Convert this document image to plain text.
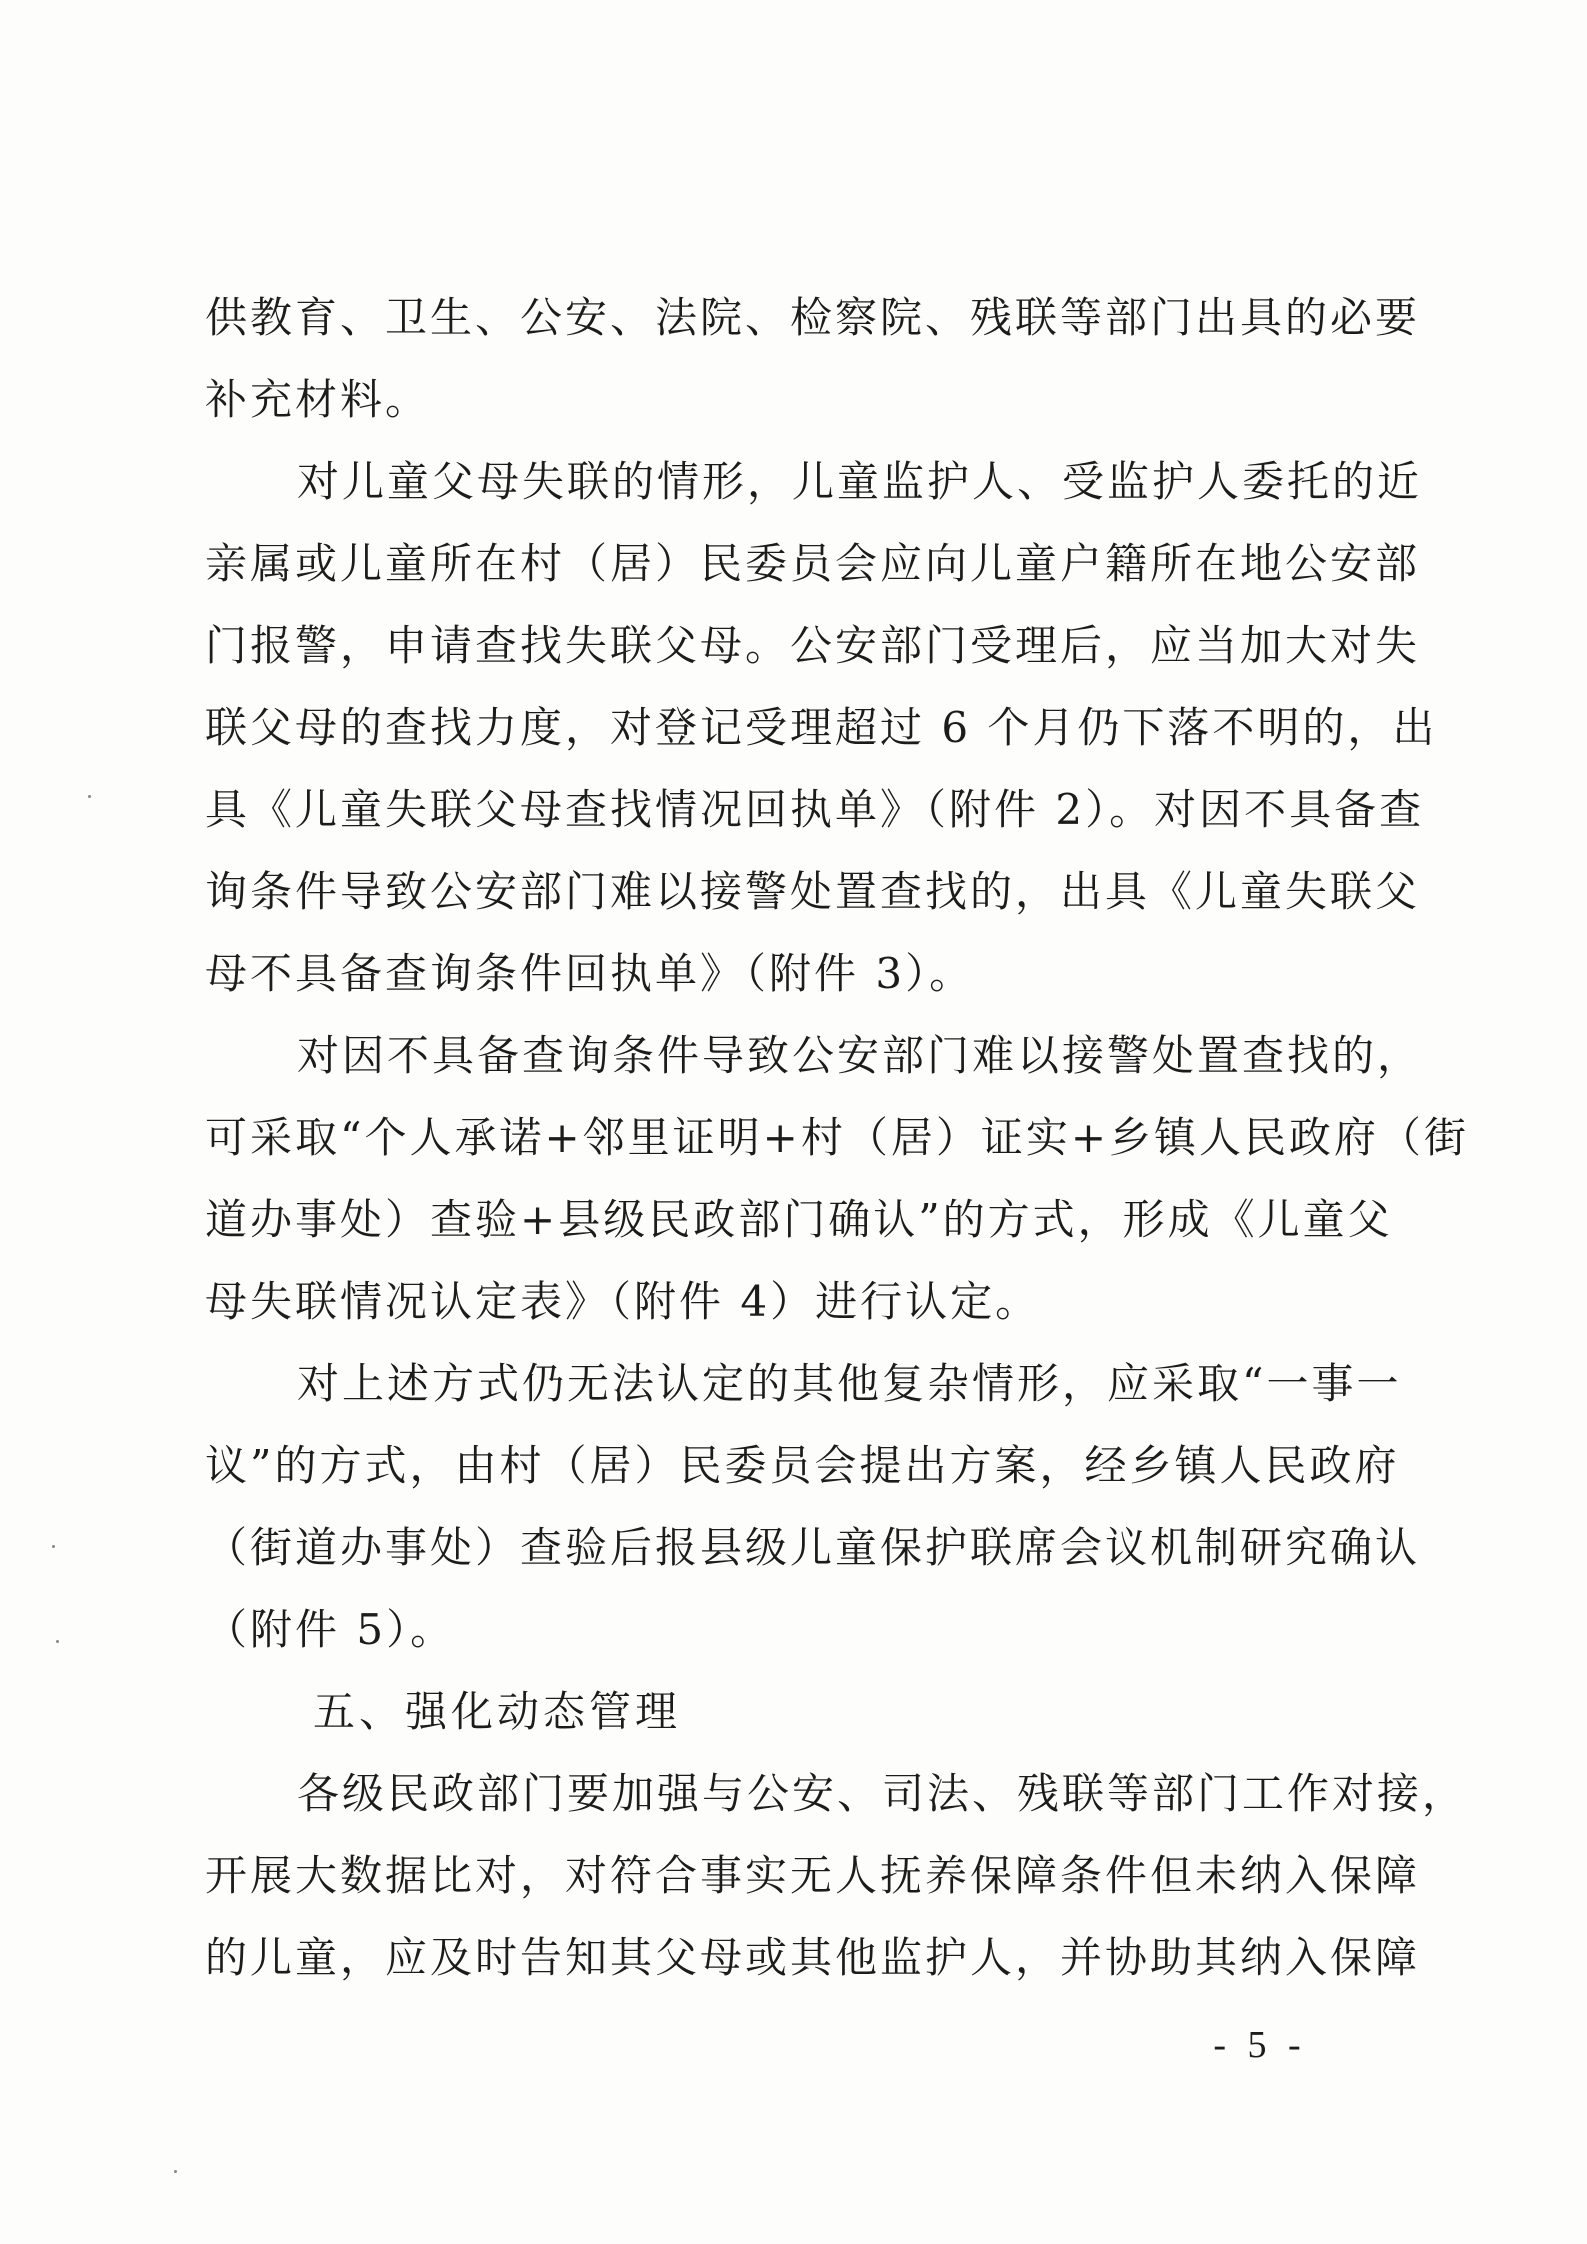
供教育、卫生、公安、法院、检察院、残联等部门出具的必要
补充材料。
对儿童父母失联的情形，儿童监护人、受监护人委托的近
亲属或儿童所在村（居）民委员会应向儿童户籍所在地公安部
门报警，申请查找失联父母。公安部门受理后，应当加大对失
联父母的查找力度，对登记受理超过 6 个月仍下落不明的，出
具《儿童失联父母查找情况回执单》（附件 2）。对因不具备查
询条件导致公安部门难以接警处置查找的，出具《儿童失联父
母不具备查询条件回执单》（附件 3）。
对因不具备查询条件导致公安部门难以接警处置查找的，
可采取“个人承诺+邻里证明+村（居）证实+乡镇人民政府（街
道办事处）查验+县级民政部门确认”的方式，形成《儿童父
母失联情况认定表》（附件 4）进行认定。
对上述方式仍无法认定的其他复杂情形，应采取“一事一
议”的方式，由村（居）民委员会提出方案，经乡镇人民政府
（街道办事处）查验后报县级儿童保护联席会议机制研究确认
（附件 5）。
五、强化动态管理
各级民政部门要加强与公安、司法、残联等部门工作对接，
开展大数据比对，对符合事实无人抚养保障条件但未纳入保障
的儿童，应及时告知其父母或其他监护人，并协助其纳入保障
- 5 -
